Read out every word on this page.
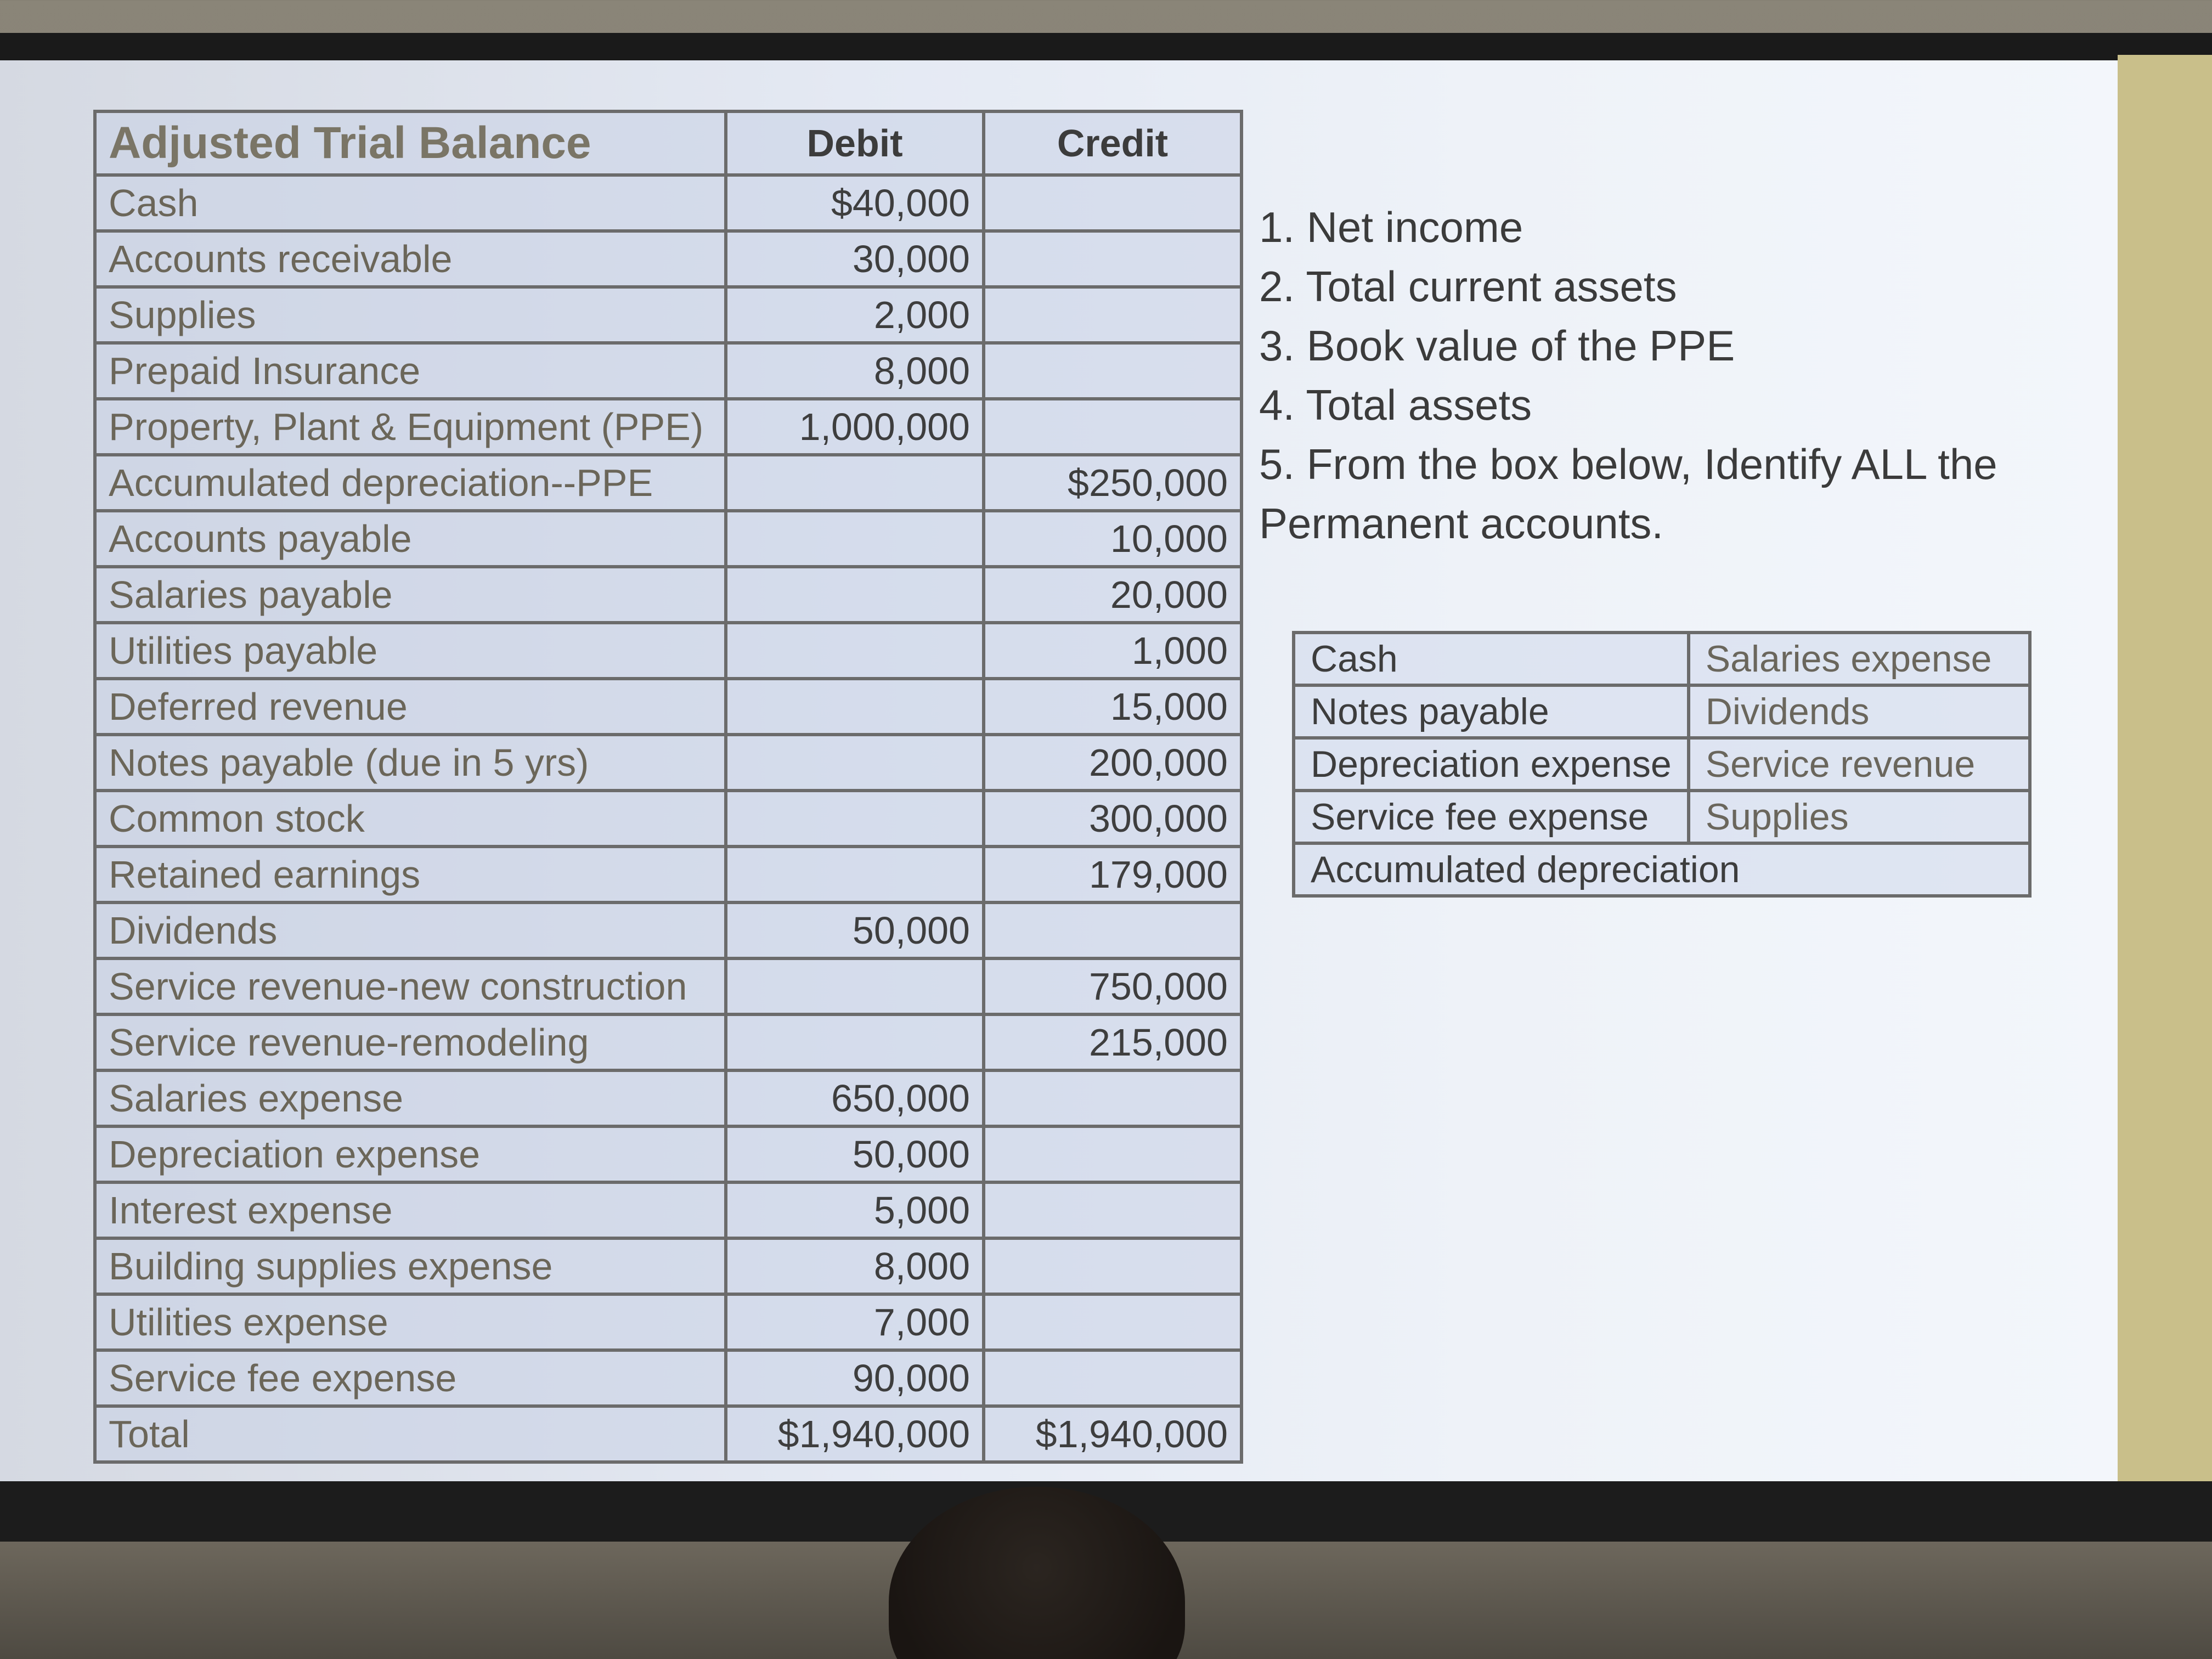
Adjusted Trial Balance	Debit	Credit
Cash	$40,000	
Accounts receivable	30,000	
Supplies	2,000	
Prepaid Insurance	8,000	
Property, Plant & Equipment (PPE)	1,000,000	
Accumulated depreciation--PPE		$250,000
Accounts payable		10,000
Salaries payable		20,000
Utilities payable		1,000
Deferred revenue		15,000
Notes payable (due in 5 yrs)		200,000
Common stock		300,000
Retained earnings		179,000
Dividends	50,000	
Service revenue-new construction		750,000
Service revenue-remodeling		215,000
Salaries expense	650,000	
Depreciation expense	50,000	
Interest expense	5,000	
Building supplies expense	8,000	
Utilities expense	7,000	
Service fee expense	90,000	
Total	$1,940,000	$1,940,000

1. Net income

2. Total current assets

3. Book value of the PPE

4. Total assets

5. From the box below, Identify ALL the Permanent accounts.

Cash	Salaries expense
Notes payable	Dividends
Depreciation expense	Service revenue
Service fee expense	Supplies
Accumulated depreciation	
